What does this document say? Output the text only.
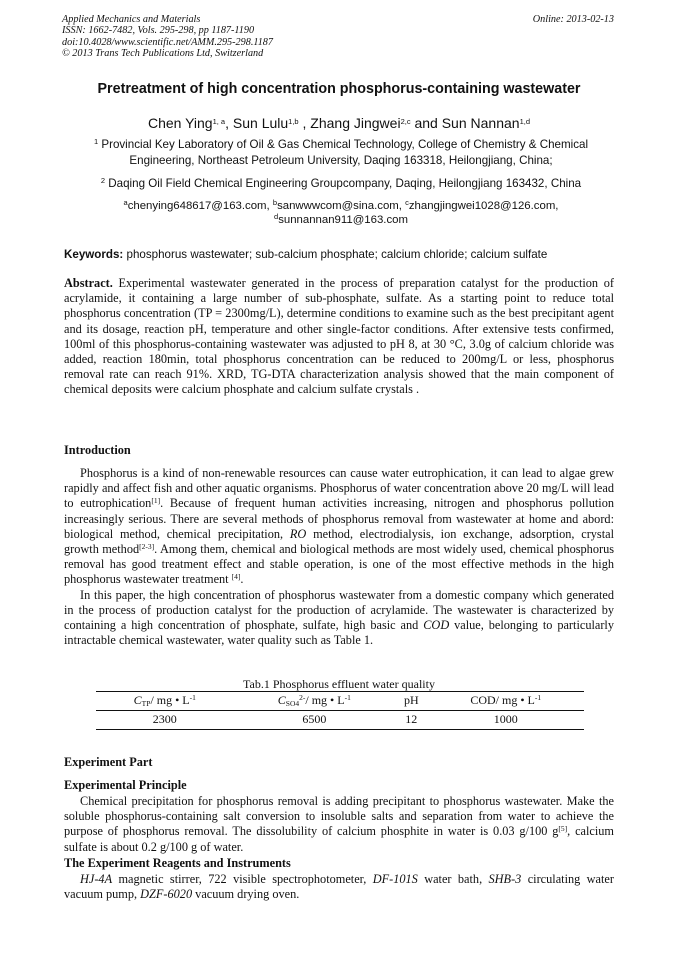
Applied Mechanics and Materials
ISSN: 1662-7482, Vols. 295-298, pp 1187-1190
doi:10.4028/www.scientific.net/AMM.295-298.1187
© 2013 Trans Tech Publications Ltd, Switzerland
Online: 2013-02-13
Pretreatment of high concentration phosphorus-containing wastewater
Chen Ying$^{1, a}$, Sun Lulu$^{1,b}$ , Zhang Jingwei$^{2,c}$ and Sun Nannan$^{1,d}$
$^1$ Provincial Key Laboratory of Oil & Gas Chemical Technology, College of Chemistry & Chemical Engineering, Northeast Petroleum University, Daqing 163318, Heilongjiang, China;
$^2$ Daqing Oil Field Chemical Engineering Groupcompany, Daqing, Heilongjiang 163432, China
$^a$chenying648617@163.com, $^b$sanwwwcom@sina.com, $^c$zhangjingwei1028@126.com,
$^d$sunnannan911@163.com
Keywords: phosphorus wastewater; sub-calcium phosphate; calcium chloride; calcium sulfate

Abstract. Experimental wastewater generated in the process of preparation catalyst for the production of acrylamide, it containing a large number of sub-phosphate, sulfate. As a starting point to reduce total phosphorus concentration (TP = 2300mg/L), determine conditions to examine such as the best precipitant agent and its dosage, reaction pH, temperature and other single-factor conditions. After extensive tests confirmed, 100ml of this phosphorus-containing wastewater was adjusted to pH 8, at 30 °C, 3.0g of calcium chloride was added, reaction 180min, total phosphorus concentration can be reduced to 200mg/L or less, phosphorus removal rate can reach 91%. XRD, TG-DTA characterization analysis showed that the main component of chemical deposits were calcium phosphate and calcium sulfate crystals .

Introduction

Phosphorus is a kind of non-renewable resources can cause water eutrophication, it can lead to algae grew rapidly and affect fish and other aquatic organisms. Phosphorus of water concentration above 20 mg/L will lead to eutrophication[1]. Because of frequent human activities increasing, nitrogen and phosphorus pollution increasingly serious. There are several methods of phosphorus removal from wastewater at home and abord: biological method, chemical precipitation, RO method, electrodialysis, ion exchange, adsorption, crystal growth method[2-3]. Among them, chemical and biological methods are most widely used, chemical phosphorus removal has good treatment effect and stable operation, is one of the most effective methods in the high phosphorus wastewater treatment [4].

In this paper, the high concentration of phosphorus wastewater from a domestic company which generated in the process of production catalyst for the production of acrylamide. The wastewater is characterized by containing a high concentration of phosphate, sulfate, high basic and COD value, belonging to particularly intractable chemical wastewater, water quality such as Table 1.

Tab.1 Phosphorus effluent water quality
$C_{TP}/$ mg • $L^{-1}$	$C_{SO4}^{2-}/$ mg • $L^{-1}$	pH	COD/ mg • $L^{-1}$
2300	6500	12	1000
Experiment Part
Experimental Principle

Chemical precipitation for phosphorus removal is adding precipitant to phosphorus wastewater. Make the soluble phosphorus-containing salt conversion to insoluble salts and separation from water to achieve the purpose of phosphorus removal. The dissolubility of calcium phosphite in water is 0.03 g/100 g[5], calcium sulfate is about 0.2 g/100 g of water.

The Experiment Reagents and Instruments

HJ-4A magnetic stirrer, 722 visible spectrophotometer, DF-101S water bath, SHB-3 circulating water vacuum pump, DZF-6020 vacuum drying oven.
